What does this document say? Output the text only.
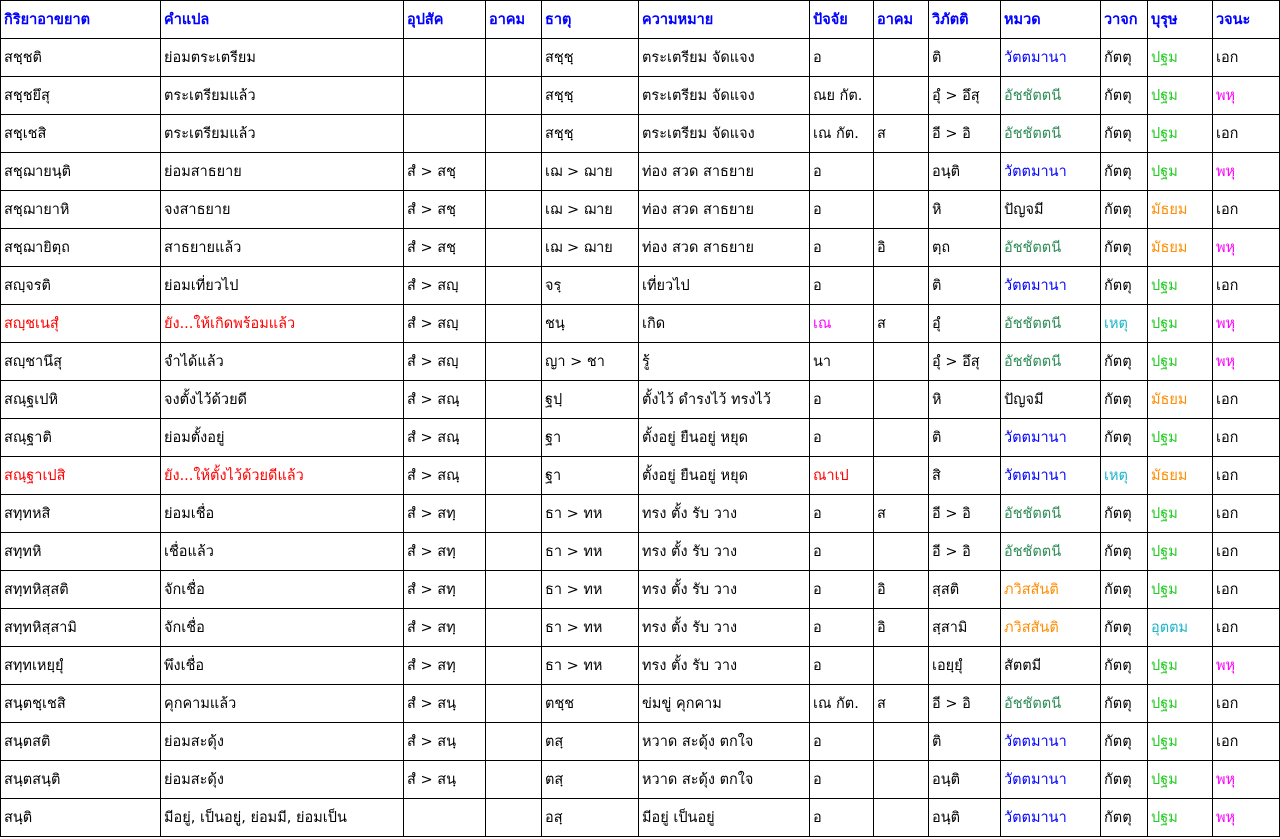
กิริยาอาขยาต	คำแปล	อุปสัค	อาคม	ธาตุ	ความหมาย	ปัจจัย	อาคม	วิภัตติ	หมวด	วาจก	บุรุษ	วจนะ
สชฺชติ	ย่อมตระเตรียม			สชฺชฺ	ตระเตรียม จัดแจง	อ		ติ	วัตตมานา	กัตตุ	ปฐม	เอก
สชฺชยึสุ	ตระเตรียมแล้ว			สชฺชฺ	ตระเตรียม จัดแจง	ณย กัต.		อุํ > อึสุ	อัชชัตตนี	กัตตุ	ปฐม	พหุ
สชฺเชสิ	ตระเตรียมแล้ว			สชฺชฺ	ตระเตรียม จัดแจง	เณ กัต.	ส	อี > อิ	อัชชัตตนี	กัตตุ	ปฐม	เอก
สชฺฌายนฺติ	ย่อมสาธยาย	สํ > สชฺ		เฌ > ฌาย	ท่อง สวด สาธยาย	อ		อนฺติ	วัตตมานา	กัตตุ	ปฐม	พหุ
สชฺฌายาหิ	จงสาธยาย	สํ > สชฺ		เฌ > ฌาย	ท่อง สวด สาธยาย	อ		หิ	ปัญจมี	กัตตุ	มัธยม	เอก
สชฺฌายิตฺถ	สาธยายแล้ว	สํ > สชฺ		เฌ > ฌาย	ท่อง สวด สาธยาย	อ	อิ	ตฺถ	อัชชัตตนี	กัตตุ	มัธยม	พหุ
สญฺจรติ	ย่อมเที่ยวไป	สํ > สญฺ		จรฺ	เที่ยวไป	อ		ติ	วัตตมานา	กัตตุ	ปฐม	เอก
สญฺชเนสุํ	ยัง...ให้เกิดพร้อมแล้ว	สํ > สญฺ		ชนฺ	เกิด	เณ	ส	อุํ	อัชชัตตนี	เหตุ	ปฐม	พหุ
สญฺชานึสุ	จำได้แล้ว	สํ > สญฺ		ญา > ชา	รู้	นา		อุํ > อึสุ	อัชชัตตนี	กัตตุ	ปฐม	พหุ
สณฺฐเปหิ	จงตั้งไว้ด้วยดี	สํ > สณฺ		ฐปฺ	ตั้งไว้ ดำรงไว้ ทรงไว้	อ		หิ	ปัญจมี	กัตตุ	มัธยม	เอก
สณฺฐาติ	ย่อมตั้งอยู่	สํ > สณฺ		ฐา	ตั้งอยู่ ยืนอยู่ หยุด	อ		ติ	วัตตมานา	กัตตุ	ปฐม	เอก
สณฺฐาเปสิ	ยัง...ให้ตั้งไว้ด้วยดีแล้ว	สํ > สณฺ		ฐา	ตั้งอยู่ ยืนอยู่ หยุด	ณาเป		สิ	วัตตมานา	เหตุ	มัธยม	เอก
สทฺทหสิ	ย่อมเชื่อ	สํ > สทฺ		ธา > ทห	ทรง ตั้ง รับ วาง	อ	ส	อี > อิ	อัชชัตตนี	กัตตุ	ปฐม	เอก
สทฺทหิ	เชื่อแล้ว	สํ > สทฺ		ธา > ทห	ทรง ตั้ง รับ วาง	อ		อี > อิ	อัชชัตตนี	กัตตุ	ปฐม	เอก
สทฺทหิสฺสติ	จักเชื่อ	สํ > สทฺ		ธา > ทห	ทรง ตั้ง รับ วาง	อ	อิ	สฺสติ	ภวิสสันติ	กัตตุ	ปฐม	เอก
สทฺทหิสฺสามิ	จักเชื่อ	สํ > สทฺ		ธา > ทห	ทรง ตั้ง รับ วาง	อ	อิ	สฺสามิ	ภวิสสันติ	กัตตุ	อุตตม	เอก
สทฺทเหยฺยุํ	พึงเชื่อ	สํ > สทฺ		ธา > ทห	ทรง ตั้ง รับ วาง	อ		เอยฺยุํ	สัตตมี	กัตตุ	ปฐม	พหุ
สนฺตชฺเชสิ	คุกคามแล้ว	สํ > สนฺ		ตชฺช	ข่มขู่ คุกคาม	เณ กัต.	ส	อี > อิ	อัชชัตตนี	กัตตุ	ปฐม	เอก
สนฺตสติ	ย่อมสะดุ้ง	สํ > สนฺ		ตสฺ	หวาด สะดุ้ง ตกใจ	อ		ติ	วัตตมานา	กัตตุ	ปฐม	เอก
สนฺตสนฺติ	ย่อมสะดุ้ง	สํ > สนฺ		ตสฺ	หวาด สะดุ้ง ตกใจ	อ		อนฺติ	วัตตมานา	กัตตุ	ปฐม	พหุ
สนฺติ	มีอยู่, เป็นอยู่, ย่อมมี, ย่อมเป็น			อสฺ	มีอยู่ เป็นอยู่	อ		อนฺติ	วัตตมานา	กัตตุ	ปฐม	พหุ
